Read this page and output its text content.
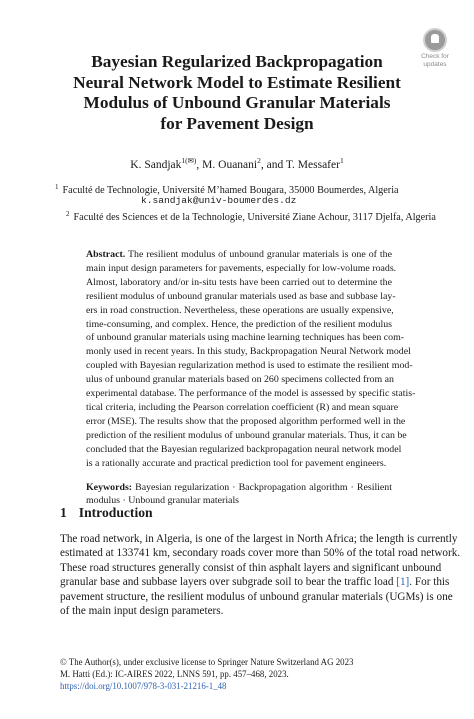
Check for
updates
Bayesian Regularized Backpropagation
Neural Network Model to Estimate Resilient
Modulus of Unbound Granular Materials
for Pavement Design
K. Sandjak$^{1(✉)}$, M. Ouanani$^2$, and T. Messafer$^1$
$^1$ Faculté de Technologie, Université M’hamed Bougara, 35000 Boumerdes, Algeria
k.sandjak@univ-boumerdes.dz
$^2$ Faculté des Sciences et de la Technologie, Université Ziane Achour, 3117 Djelfa, Algeria
Abstract. The resilient modulus of unbound granular materials is one of the
main input design parameters for pavements, especially for low-volume roads.
Almost, laboratory and/or in-situ tests have been carried out to determine the
resilient modulus of unbound granular materials used as base and subbase lay-
ers in road construction. Nevertheless, these operations are usually expensive,
time-consuming, and complex. Hence, the prediction of the resilient modulus
of unbound granular materials using machine learning techniques has been com-
monly used in recent years. In this study, Backpropagation Neural Network model
coupled with Bayesian regularization method is used to estimate the resilient mod-
ulus of unbound granular materials based on 260 specimens collected from an
experimental database. The performance of the model is assessed by specific statis-
tical criteria, including the Pearson correlation coefficient (R) and mean square
error (MSE). The results show that the proposed algorithm performed well in the
prediction of the resilient modulus of unbound granular materials. Thus, it can be
concluded that the Bayesian regularized backpropagation neural network model
is a rationally accurate and practical prediction tool for pavement engineers.
Keywords: Bayesian regularization · Backpropagation algorithm · Resilient
modulus · Unbound granular materials
1 Introduction
The road network, in Algeria, is one of the largest in North Africa; the length is currently
estimated at 133741 km, secondary roads cover more than 50% of the total road network.
These road structures generally consist of thin asphalt layers and significant unbound
granular base and subbase layers over subgrade soil to bear the traffic load [1]. For this
pavement structure, the resilient modulus of unbound granular materials (UGMs) is one
of the main input design parameters.
© The Author(s), under exclusive license to Springer Nature Switzerland AG 2023
M. Hatti (Ed.): IC-AIRES 2022, LNNS 591, pp. 457–468, 2023.
https://doi.org/10.1007/978-3-031-21216-1_48
